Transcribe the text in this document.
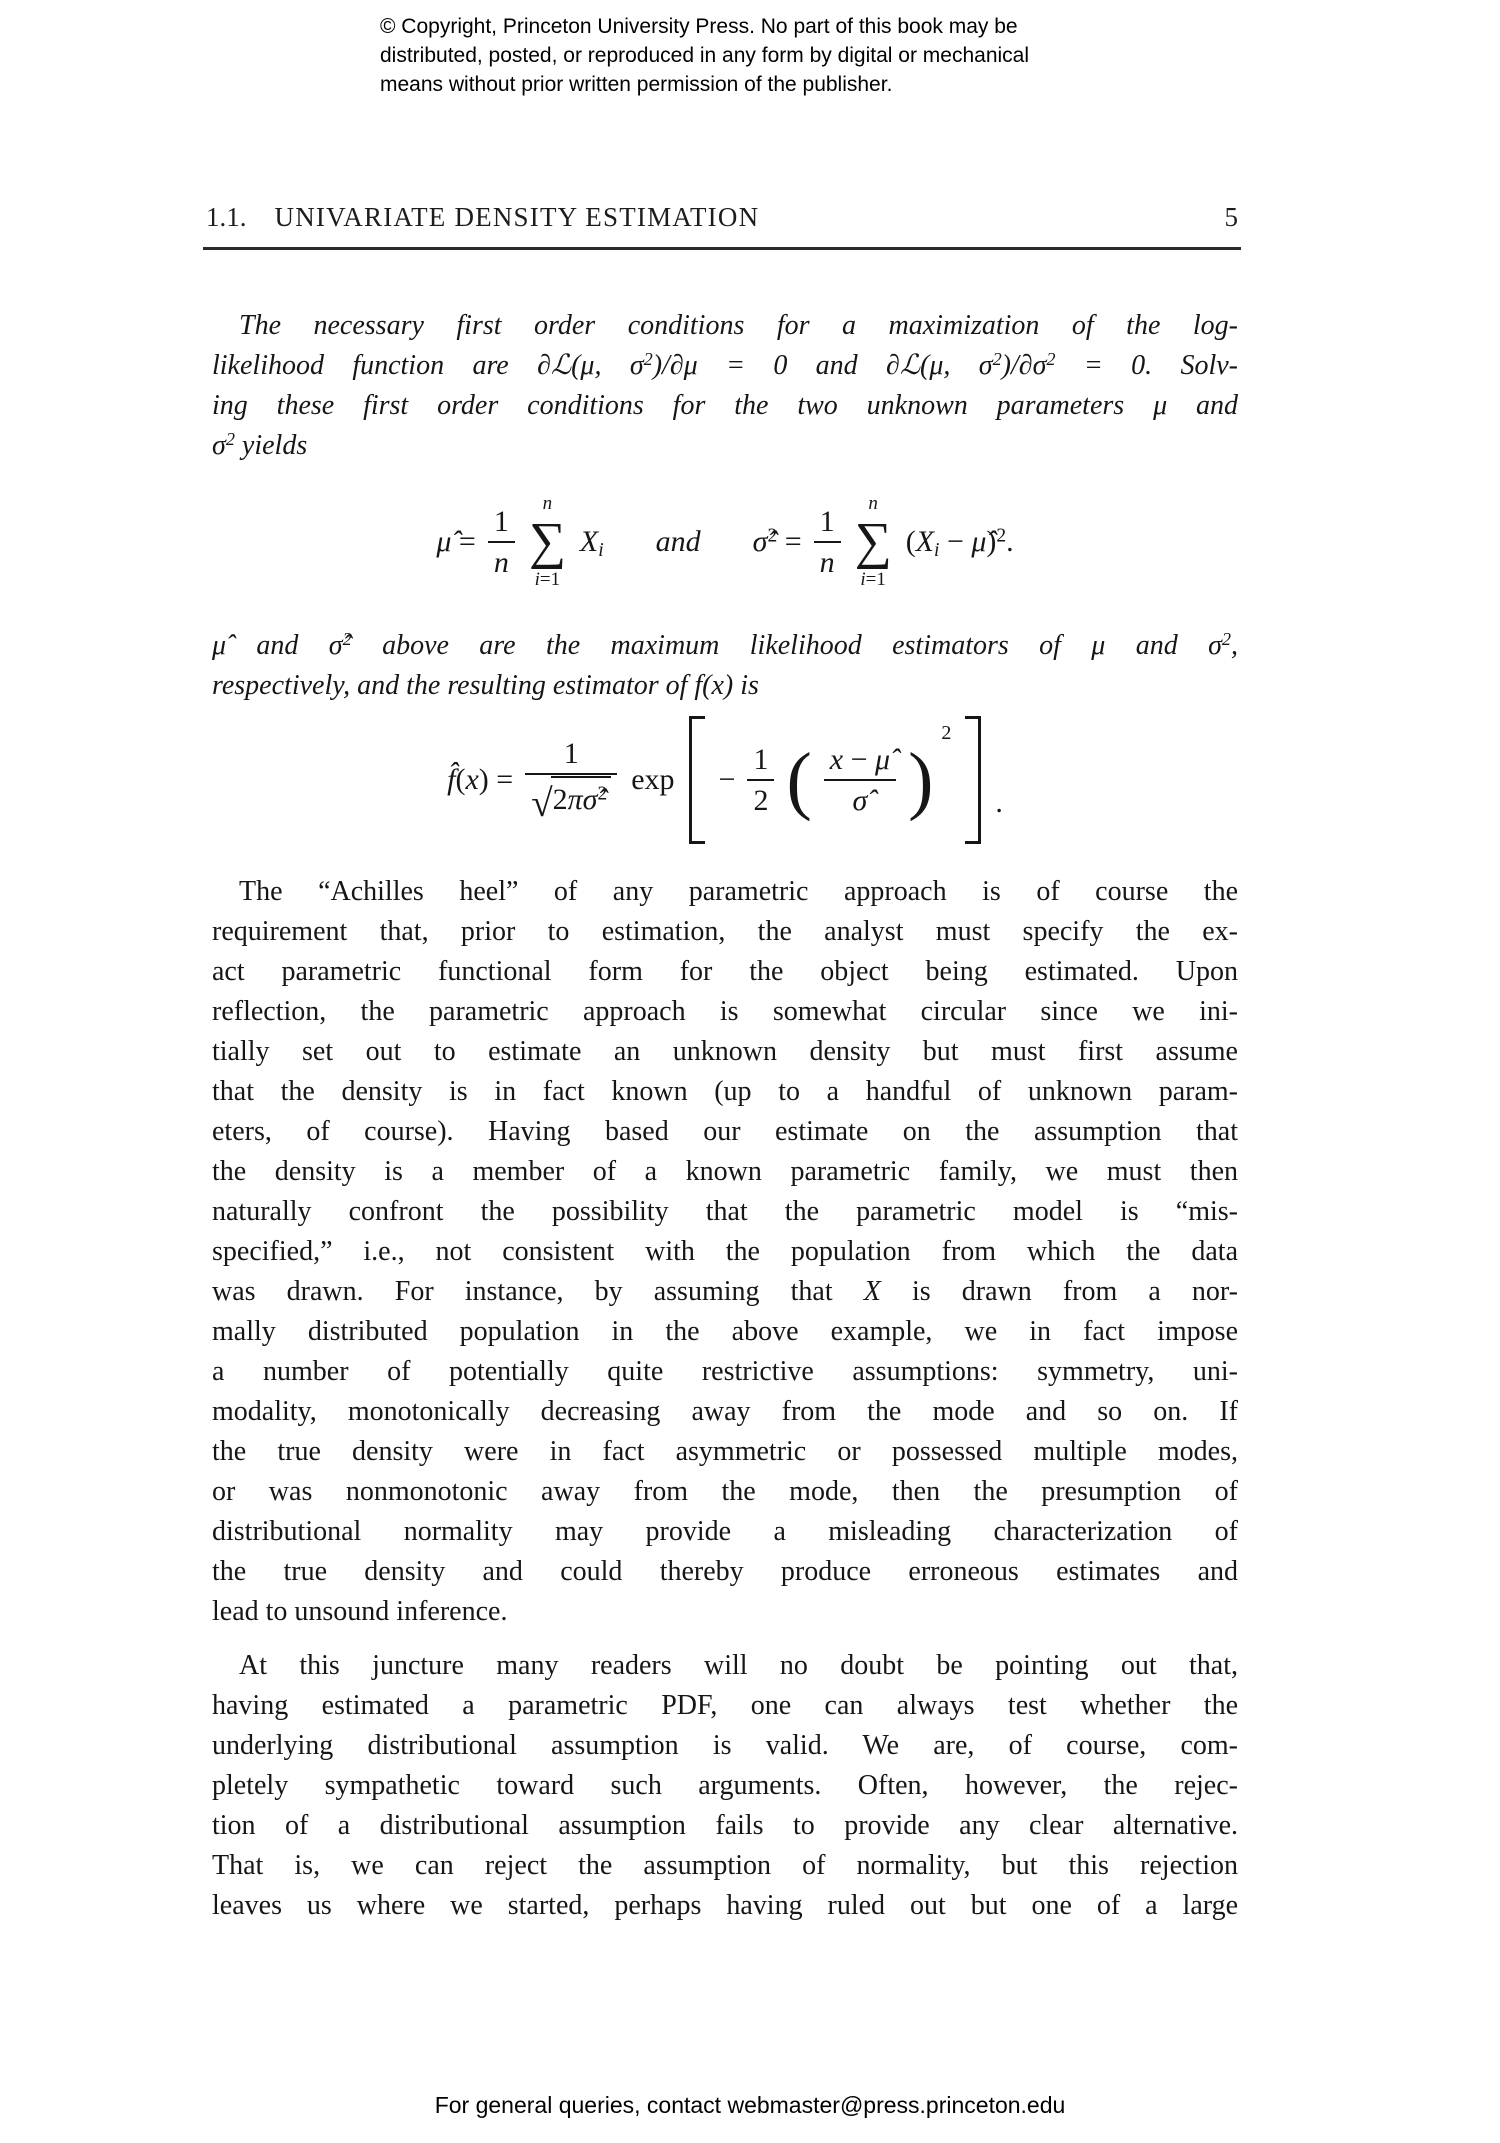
© Copyright, Princeton University Press. No part of this book may be
distributed, posted, or reproduced in any form by digital or mechanical
means without prior written permission of the publisher.
1.1. UNIVARIATE DENSITY ESTIMATION	5
The necessary first order conditions for a maximization of the log-
likelihood function are ∂ℒ(μ, $\sigma^2)/\partial\mu = 0$ and ∂ℒ(μ, $\sigma^2)/\partial\sigma^2 = 0$. Solv-
ing these first order conditions for the two unknown parameters μ and
$\sigma^2$ yields
μ̂ = $\frac{1}{n}$ n
∑
i=1
$X_i$ and σ̂$^2$ = $\frac{1}{n}$ n
∑
i=1
($X_i$ − μ̂)$^2$.
μ̂ and σ̂$^2$ above are the maximum likelihood estimators of μ and $\sigma^2$,
respectively, and the resulting estimator of f(x) is
f̂(x) = $\frac{1}{√ 2\pi\sigmâ^2}$ $\exp - \frac{1}{2}$ ( $\frac{x - \mû}{\sigmâ}$ )
2
.
The “Achilles heel” of any parametric approach is of course the
requirement that, prior to estimation, the analyst must specify the ex-
act parametric functional form for the object being estimated. Upon
reflection, the parametric approach is somewhat circular since we ini-
tially set out to estimate an unknown density but must first assume
that the density is in fact known (up to a handful of unknown param-
eters, of course). Having based our estimate on the assumption that
the density is a member of a known parametric family, we must then
naturally confront the possibility that the parametric model is “mis-
specified,” i.e., not consistent with the population from which the data
was drawn. For instance, by assuming that X is drawn from a nor-
mally distributed population in the above example, we in fact impose
a number of potentially quite restrictive assumptions: symmetry, uni-
modality, monotonically decreasing away from the mode and so on. If
the true density were in fact asymmetric or possessed multiple modes,
or was nonmonotonic away from the mode, then the presumption of
distributional normality may provide a misleading characterization of
the true density and could thereby produce erroneous estimates and
lead to unsound inference.
At this juncture many readers will no doubt be pointing out that,
having estimated a parametric PDF, one can always test whether the
underlying distributional assumption is valid. We are, of course, com-
pletely sympathetic toward such arguments. Often, however, the rejec-
tion of a distributional assumption fails to provide any clear alternative.
That is, we can reject the assumption of normality, but this rejection
leaves us where we started, perhaps having ruled out but one of a large
For general queries, contact webmaster@press.princeton.edu
